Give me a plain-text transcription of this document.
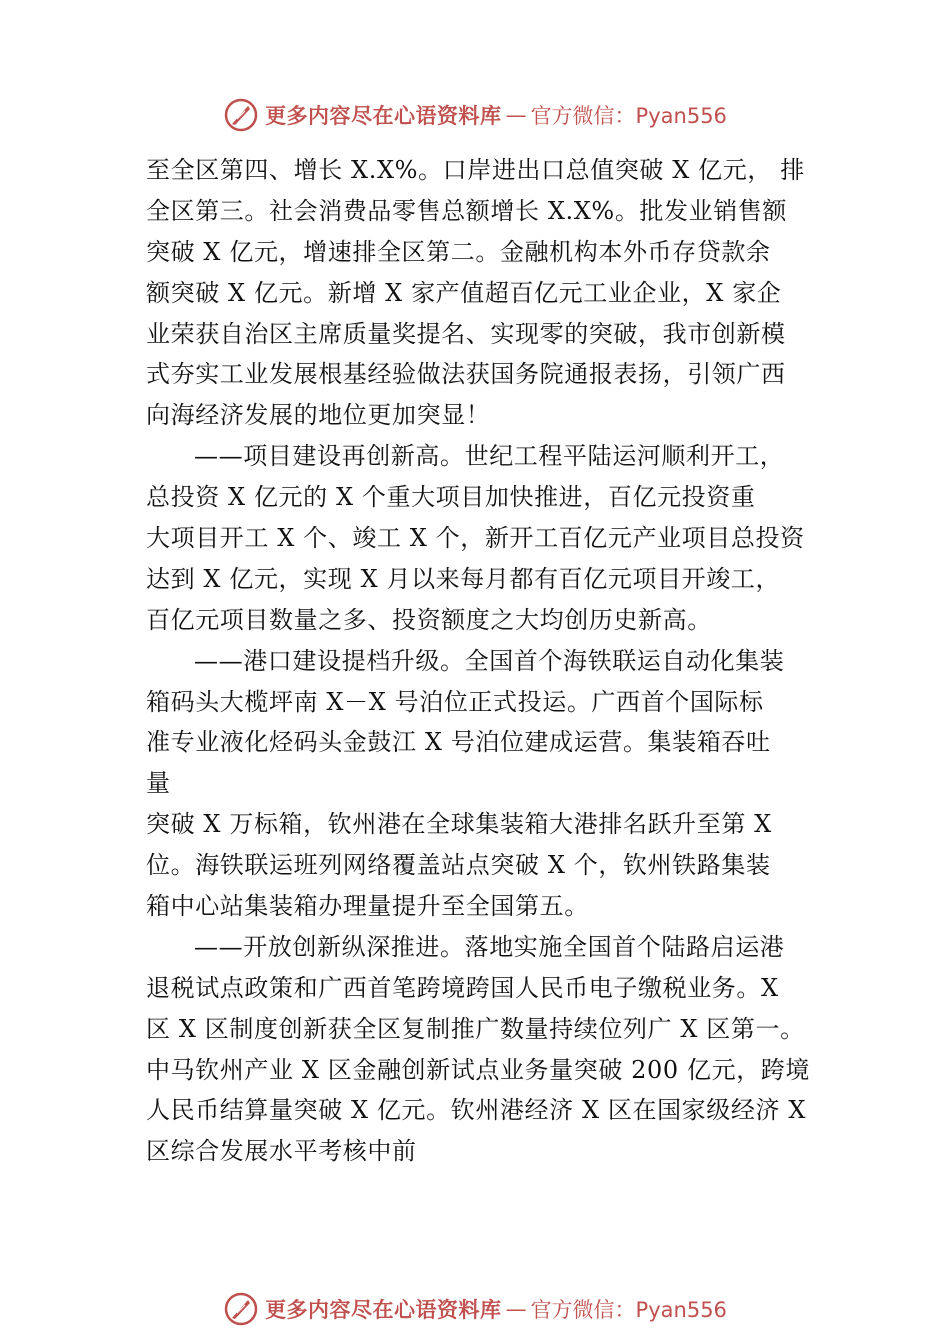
更多内容尽在心语资料库 — 官方微信：Pyan556
至全区第四、增长 X.X%。口岸进出口总值突破 X 亿元， 排
全区第三。社会消费品零售总额增长 X.X%。批发业销售额
突破 X 亿元，增速排全区第二。金融机构本外币存贷款余
额突破 X 亿元。新增 X 家产值超百亿元工业企业，X 家企
业荣获自治区主席质量奖提名、实现零的突破，我市创新模
式夯实工业发展根基经验做法获国务院通报表扬，引领广西
向海经济发展的地位更加突显！
——项目建设再创新高。世纪工程平陆运河顺利开工，
总投资 X 亿元的 X 个重大项目加快推进，百亿元投资重
大项目开工 X 个、竣工 X 个，新开工百亿元产业项目总投资
达到 X 亿元，实现 X 月以来每月都有百亿元项目开竣工，
百亿元项目数量之多、投资额度之大均创历史新高。
——港口建设提档升级。全国首个海铁联运自动化集装
箱码头大榄坪南 X－X 号泊位正式投运。广西首个国际标
准专业液化烃码头金鼓江 X 号泊位建成运营。集装箱吞吐
量
突破 X 万标箱，钦州港在全球集装箱大港排名跃升至第 X
位。海铁联运班列网络覆盖站点突破 X 个，钦州铁路集装
箱中心站集装箱办理量提升至全国第五。
——开放创新纵深推进。落地实施全国首个陆路启运港
退税试点政策和广西首笔跨境跨国人民币电子缴税业务。X
区 X 区制度创新获全区复制推广数量持续位列广 X 区第一。
中马钦州产业 X 区金融创新试点业务量突破 200 亿元，跨境
人民币结算量突破 X 亿元。钦州港经济 X 区在国家级经济 X
区综合发展水平考核中前
更多内容尽在心语资料库 — 官方微信：Pyan556
